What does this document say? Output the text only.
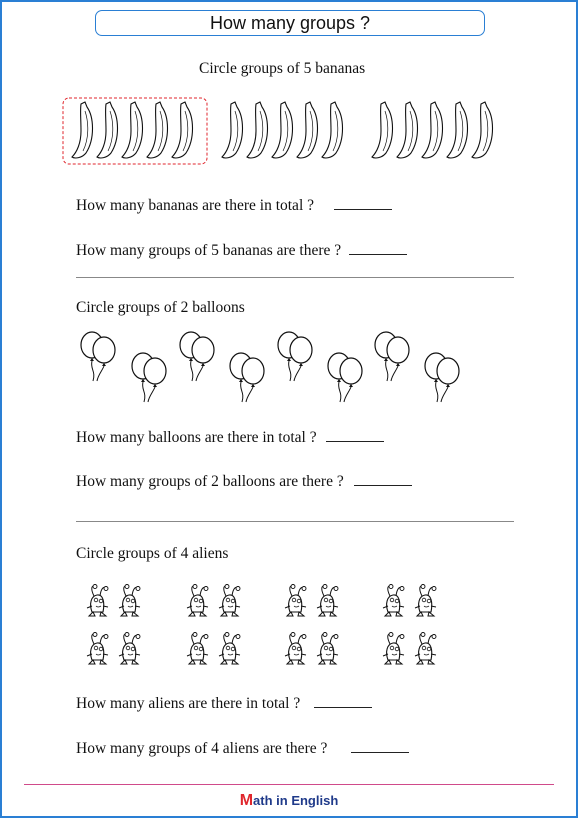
How many groups ?
Circle groups of 5 bananas
How many bananas are there in total ?
How many groups of 5 bananas are there ?
Circle groups of 2 balloons
How many balloons are there in total ?
How many groups of 2 balloons are there ?
Circle groups of 4 aliens
How many aliens are there in total ?
How many groups of 4 aliens are there ?
Math in English
